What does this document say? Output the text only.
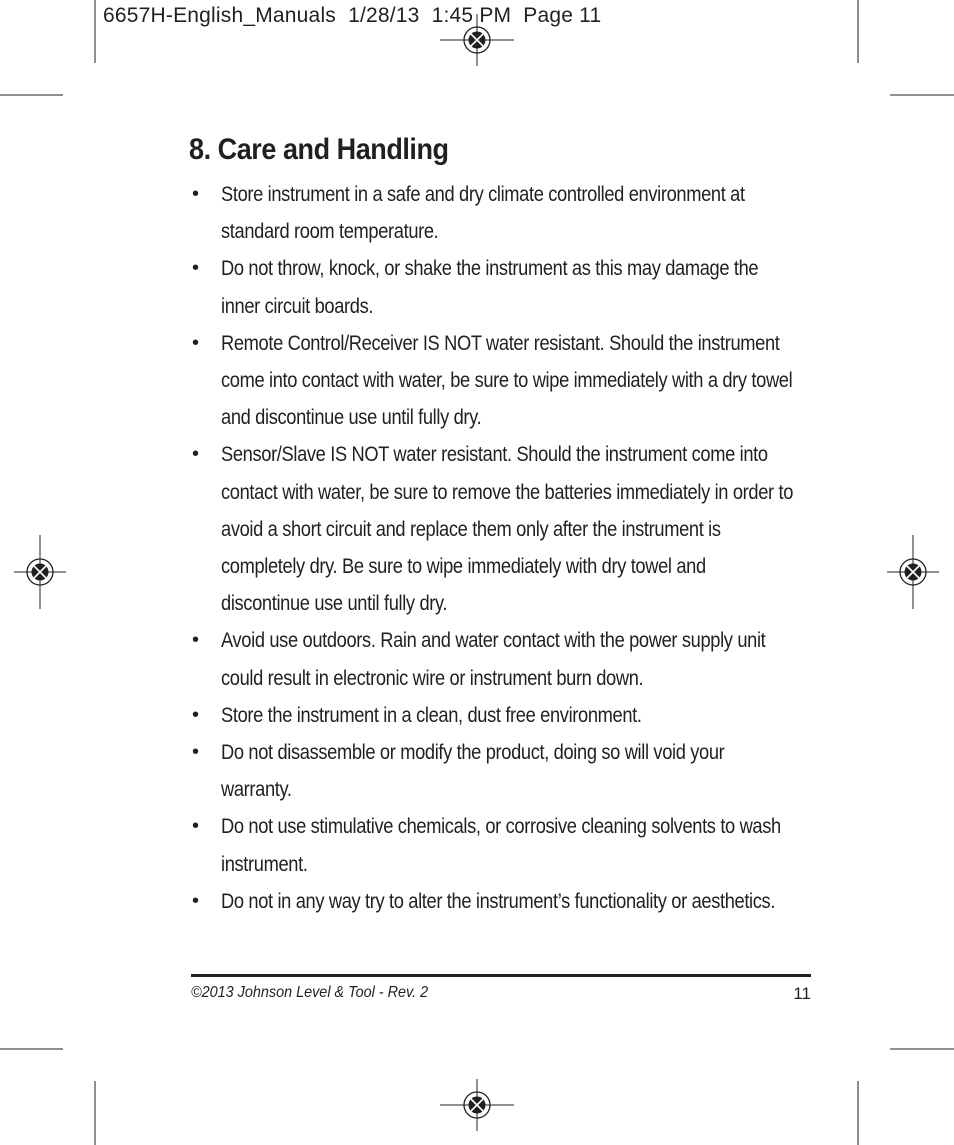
6657H-English_Manuals  1/28/13  1:45 PM  Page 11
8. Care and Handling
• Store instrument in a safe and dry climate controlled environment at standard room temperature.
• Do not throw, knock, or shake the instrument as this may damage the inner circuit boards.
• Remote Control/Receiver IS NOT water resistant. Should the instrument come into contact with water, be sure to wipe immediately with a dry towel and discontinue use until fully dry.
• Sensor/Slave IS NOT water resistant. Should the instrument come into contact with water, be sure to remove the batteries immediately in order to avoid a short circuit and replace them only after the instrument is completely dry. Be sure to wipe immediately with dry towel and discontinue use until fully dry.
• Avoid use outdoors. Rain and water contact with the power supply unit could result in electronic wire or instrument burn down.
• Store the instrument in a clean, dust free environment.
• Do not disassemble or modify the product, doing so will void your warranty.
• Do not use stimulative chemicals, or corrosive cleaning solvents to wash instrument.
• Do not in any way try to alter the instrument’s functionality or aesthetics.
©2013 Johnson Level & Tool - Rev. 2	11
